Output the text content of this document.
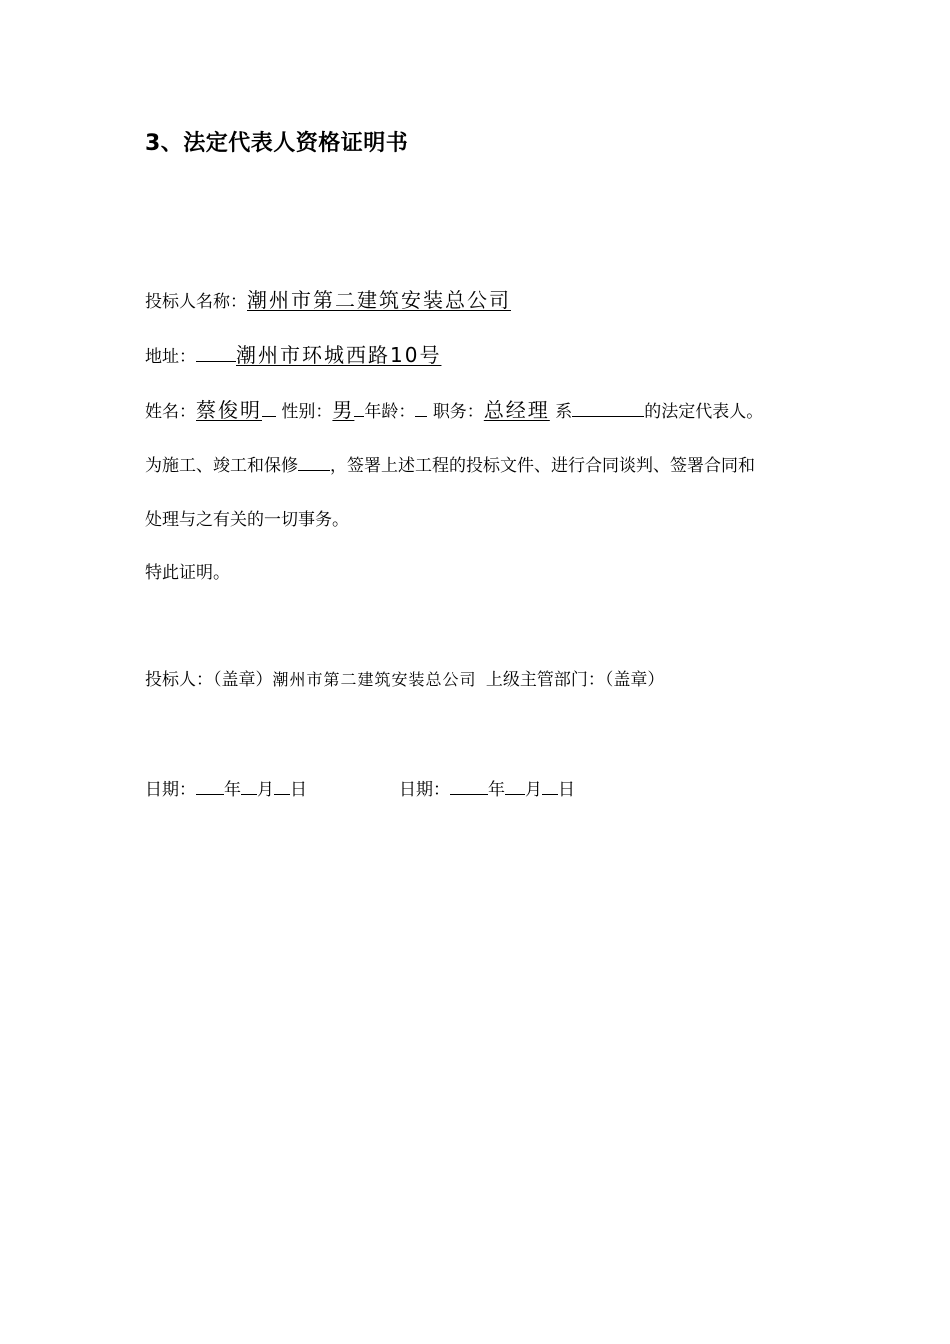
3、法定代表人资格证明书
投标人名称：潮州市第二建筑安装总公司
地址： 潮州市环城西路10号
姓名：蔡俊明 性别：男 年龄： 职务：总经理 系	的法定代表人。
为施工、竣工和保修 ，签署上述工程的投标文件、进行合同谈判、签署合同和
处理与之有关的一切事务。
特此证明。
投标人：（盖章）潮州市第二建筑安装总公司 上级主管部门：（盖章）
日期： 年 月 日	日期： 年 月 日
